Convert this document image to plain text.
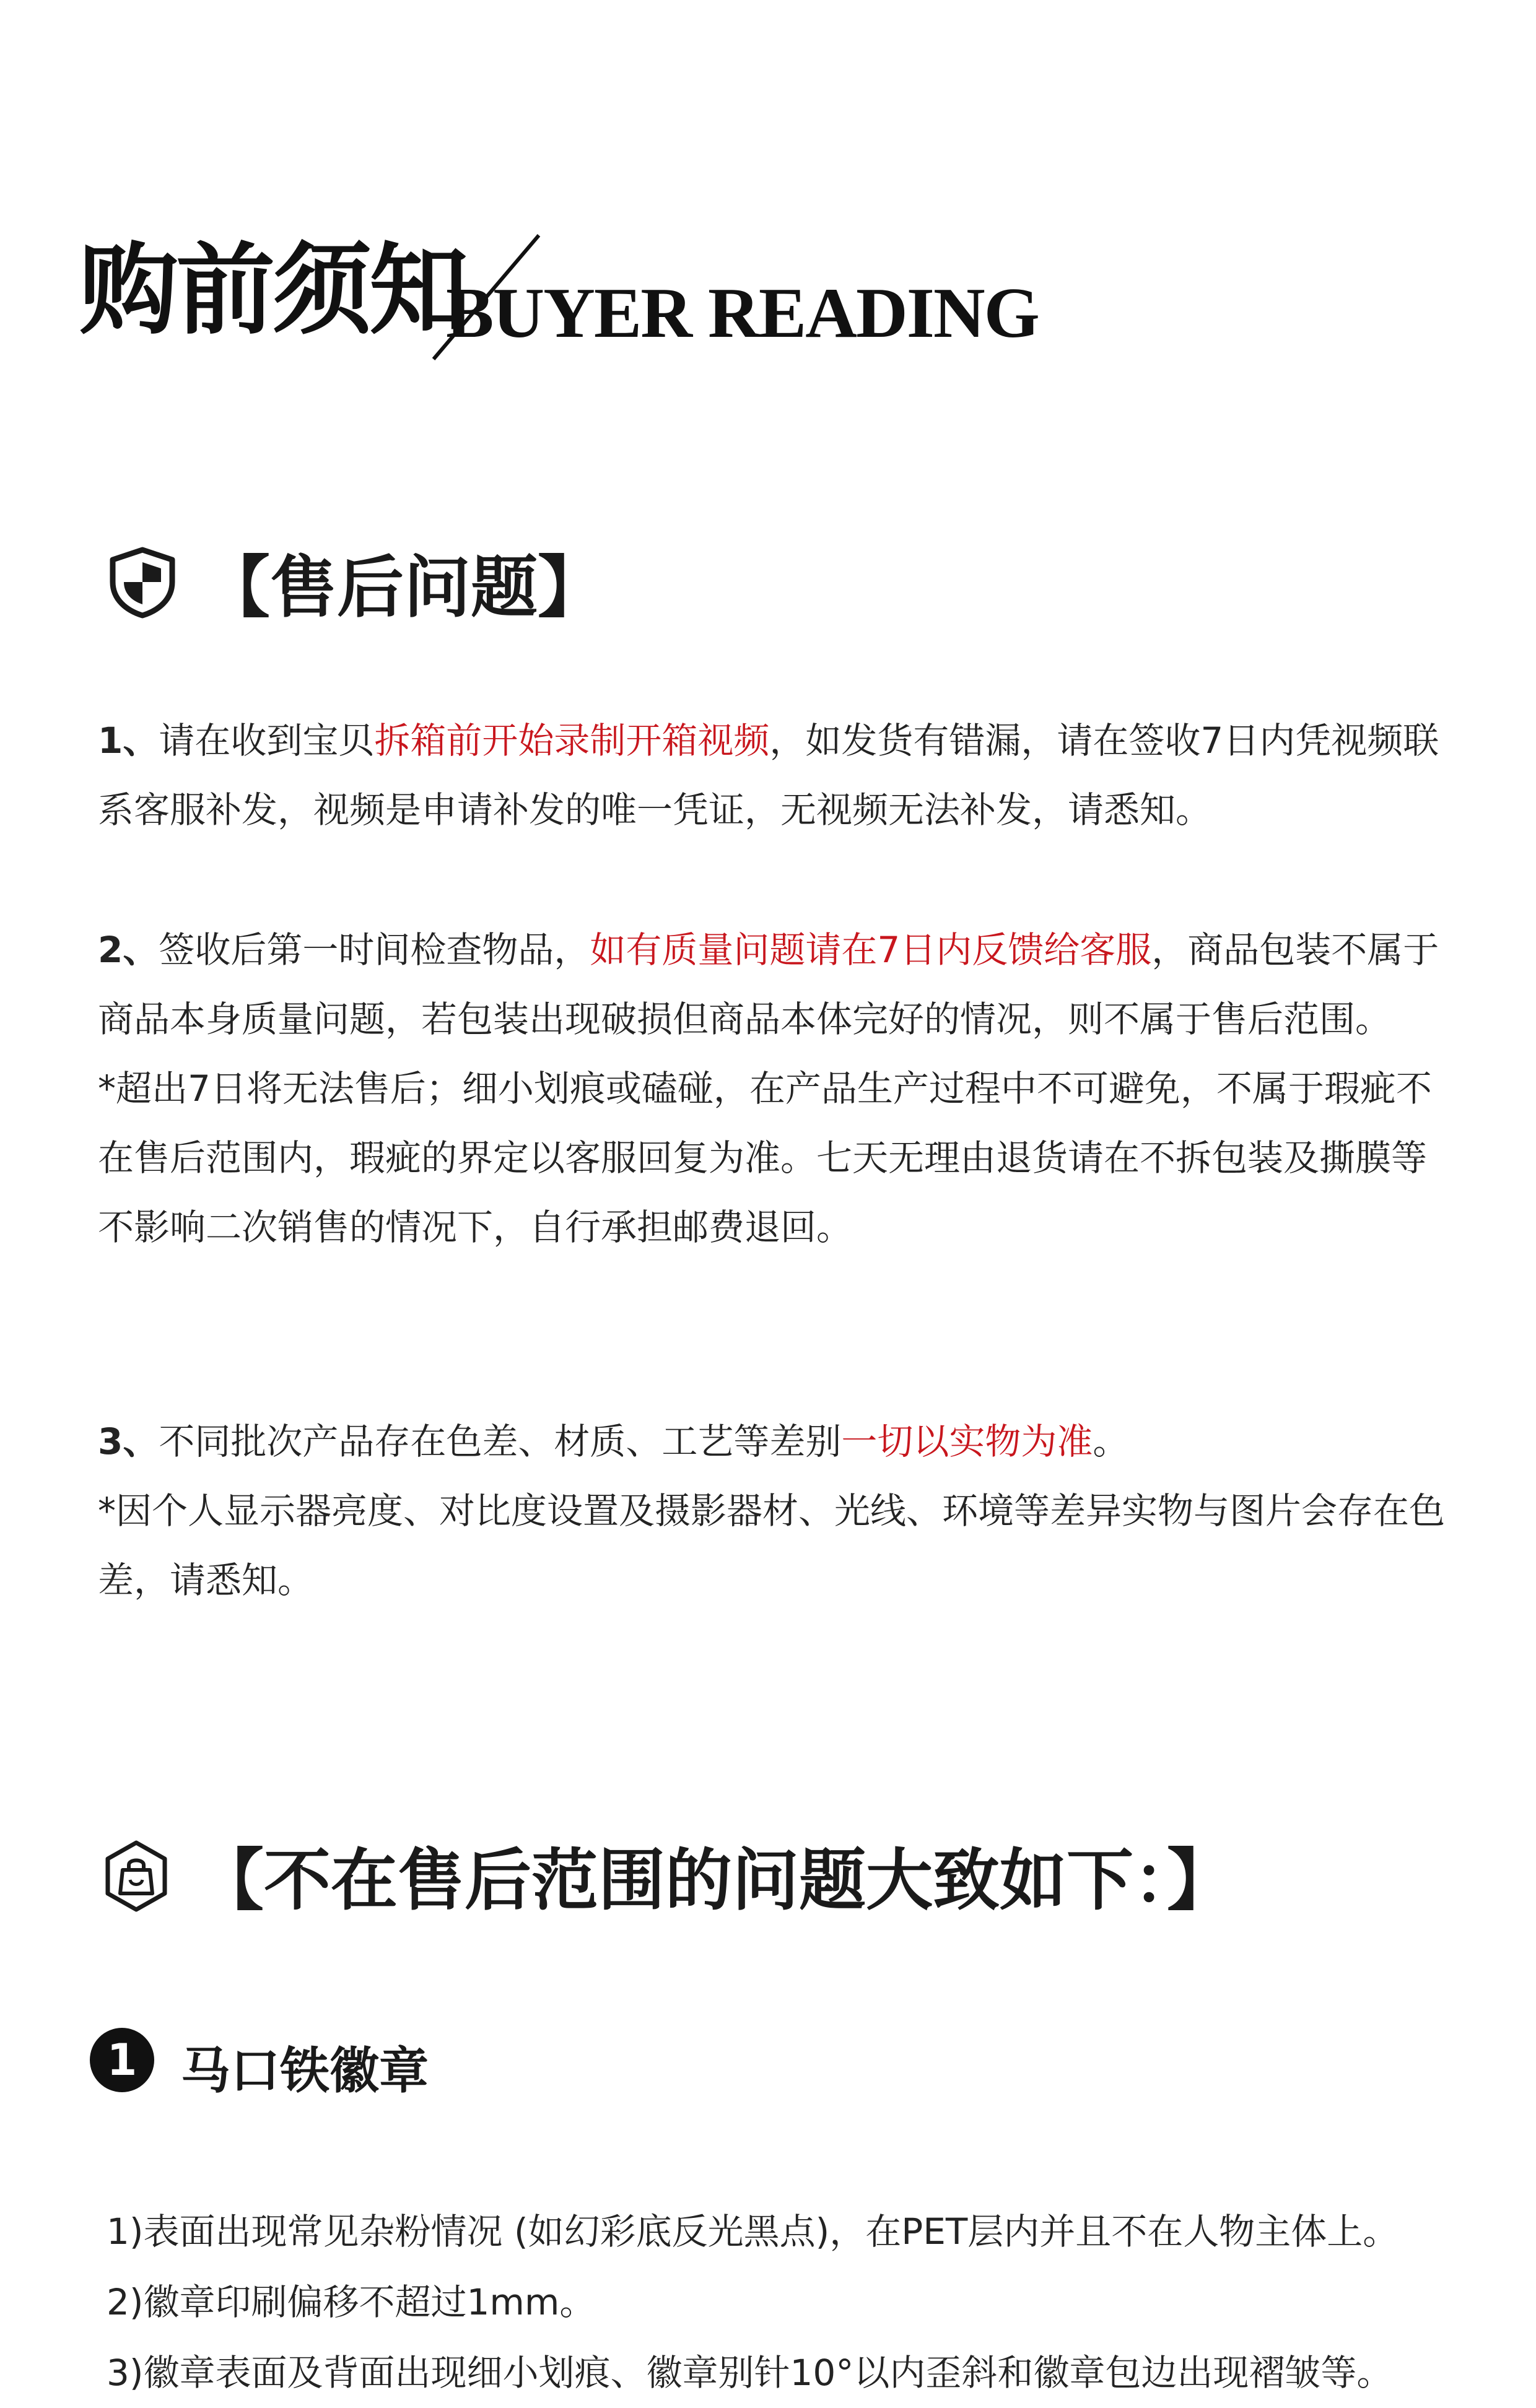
购前须知
BUYER READING
【售后问题】

1、请在收到宝贝拆箱前开始录制开箱视频，如发货有错漏，请在签收7日内凭视频联系客服补发，视频是申请补发的唯一凭证，无视频无法补发，请悉知。

2、签收后第一时间检查物品，如有质量问题请在7日内反馈给客服，商品包装不属于商品本身质量问题，若包装出现破损但商品本体完好的情况，则不属于售后范围。

*超出7日将无法售后；细小划痕或磕碰，在产品生产过程中不可避免，不属于瑕疵不在售后范围内，瑕疵的界定以客服回复为准。七天无理由退货请在不拆包装及撕膜等不影响二次销售的情况下，自行承担邮费退回。

3、不同批次产品存在色差、材质、工艺等差别一切以实物为准。

*因个人显示器亮度、对比度设置及摄影器材、光线、环境等差异实物与图片会存在色差，请悉知。

【不在售后范围的问题大致如下：】
1 马口铁徽章
1)表面出现常见杂粉情况 (如幻彩底反光黑点)，在PET层内并且不在人物主体上。
2)徽章印刷偏移不超过1mm。
3)徽章表面及背面出现细小划痕、徽章别针10°以内歪斜和徽章包边出现褶皱等。
